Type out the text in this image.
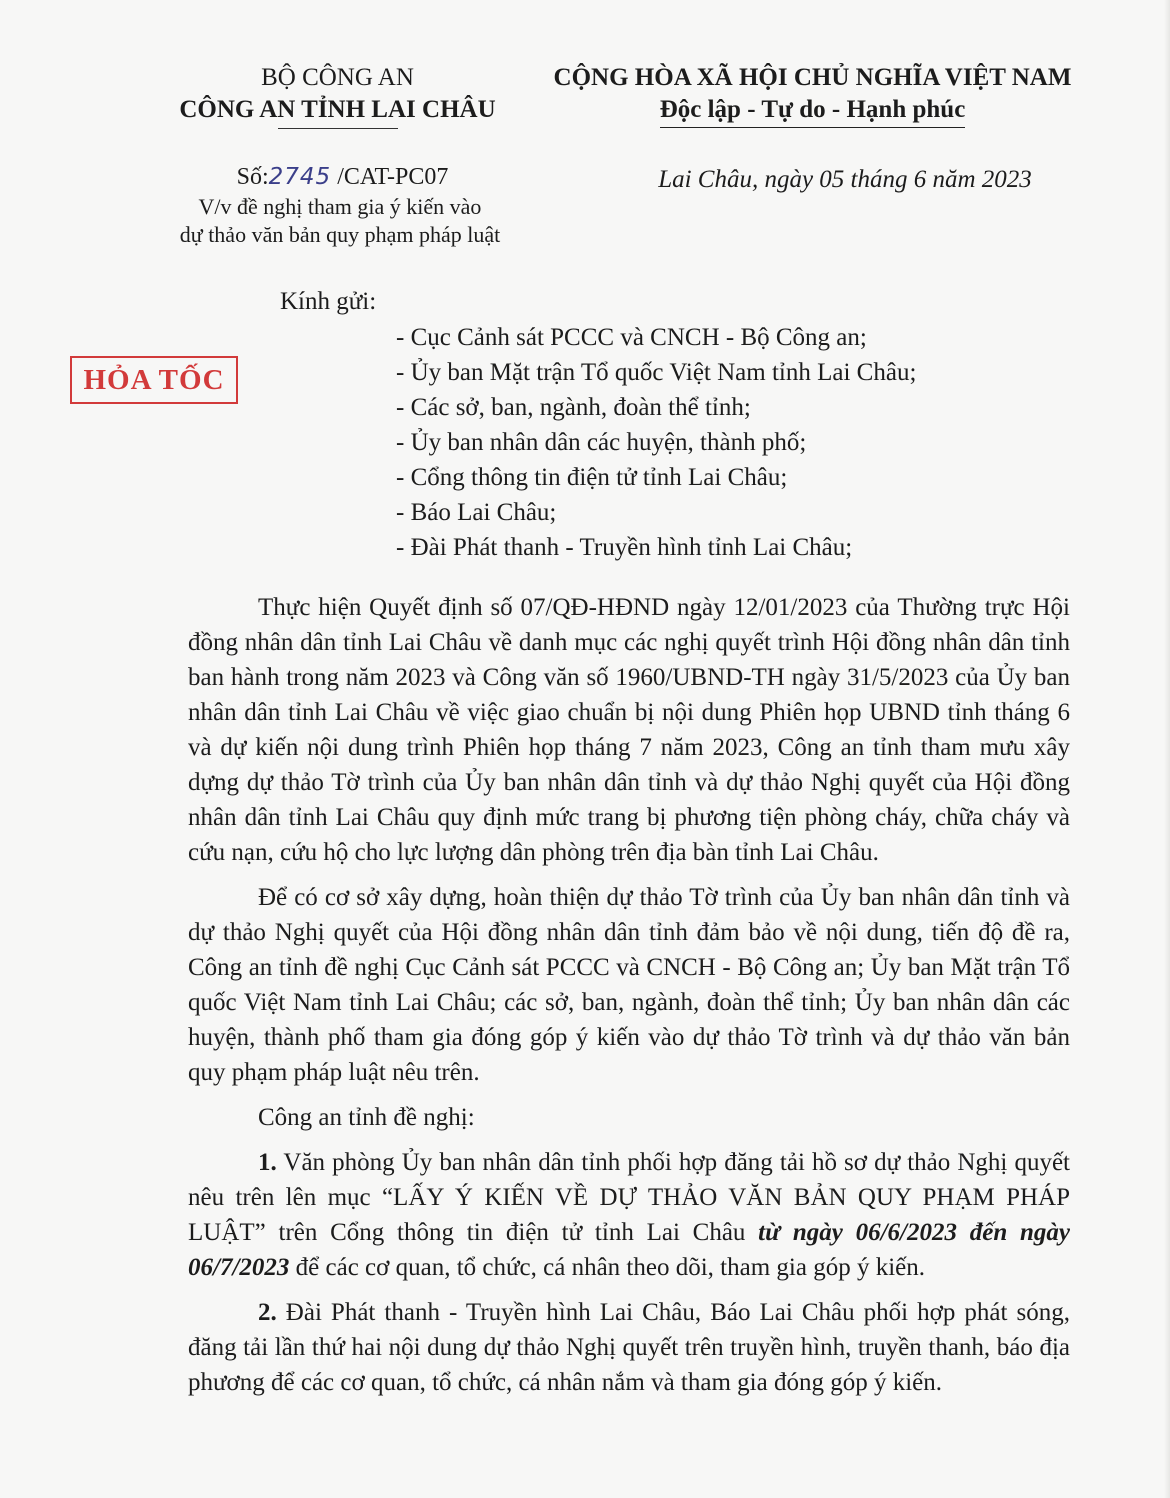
BỘ CÔNG AN
CÔNG AN TỈNH LAI CHÂU
CỘNG HÒA XÃ HỘI CHỦ NGHĨA VIỆT NAM
Độc lập - Tự do - Hạnh phúc
Số:2745 /CAT-PC07
V/v đề nghị tham gia ý kiến vào
dự thảo văn bản quy phạm pháp luật
Lai Châu, ngày 05 tháng 6 năm 2023
HỎA TỐC
Kính gửi:
- Cục Cảnh sát PCCC và CNCH - Bộ Công an;
- Ủy ban Mặt trận Tổ quốc Việt Nam tỉnh Lai Châu;
- Các sở, ban, ngành, đoàn thể tỉnh;
- Ủy ban nhân dân các huyện, thành phố;
- Cổng thông tin điện tử tỉnh Lai Châu;
- Báo Lai Châu;
- Đài Phát thanh - Truyền hình tỉnh Lai Châu;

Thực hiện Quyết định số 07/QĐ-HĐND ngày 12/01/2023 của Thường trực Hội đồng nhân dân tỉnh Lai Châu về danh mục các nghị quyết trình Hội đồng nhân dân tỉnh ban hành trong năm 2023 và Công văn số 1960/UBND-TH ngày 31/5/2023 của Ủy ban nhân dân tỉnh Lai Châu về việc giao chuẩn bị nội dung Phiên họp UBND tỉnh tháng 6 và dự kiến nội dung trình Phiên họp tháng 7 năm 2023, Công an tỉnh tham mưu xây dựng dự thảo Tờ trình của Ủy ban nhân dân tỉnh và dự thảo Nghị quyết của Hội đồng nhân dân tỉnh Lai Châu quy định mức trang bị phương tiện phòng cháy, chữa cháy và cứu nạn, cứu hộ cho lực lượng dân phòng trên địa bàn tỉnh Lai Châu.

Để có cơ sở xây dựng, hoàn thiện dự thảo Tờ trình của Ủy ban nhân dân tỉnh và dự thảo Nghị quyết của Hội đồng nhân dân tỉnh đảm bảo về nội dung, tiến độ đề ra, Công an tỉnh đề nghị Cục Cảnh sát PCCC và CNCH - Bộ Công an; Ủy ban Mặt trận Tổ quốc Việt Nam tỉnh Lai Châu; các sở, ban, ngành, đoàn thể tỉnh; Ủy ban nhân dân các huyện, thành phố tham gia đóng góp ý kiến vào dự thảo Tờ trình và dự thảo văn bản quy phạm pháp luật nêu trên.

Công an tỉnh đề nghị:

1. Văn phòng Ủy ban nhân dân tỉnh phối hợp đăng tải hồ sơ dự thảo Nghị quyết nêu trên lên mục “LẤY Ý KIẾN VỀ DỰ THẢO VĂN BẢN QUY PHẠM PHÁP LUẬT” trên Cổng thông tin điện tử tỉnh Lai Châu từ ngày 06/6/2023 đến ngày 06/7/2023 để các cơ quan, tổ chức, cá nhân theo dõi, tham gia góp ý kiến.

2. Đài Phát thanh - Truyền hình Lai Châu, Báo Lai Châu phối hợp phát sóng, đăng tải lần thứ hai nội dung dự thảo Nghị quyết trên truyền hình, truyền thanh, báo địa phương để các cơ quan, tổ chức, cá nhân nắm và tham gia đóng góp ý kiến.
